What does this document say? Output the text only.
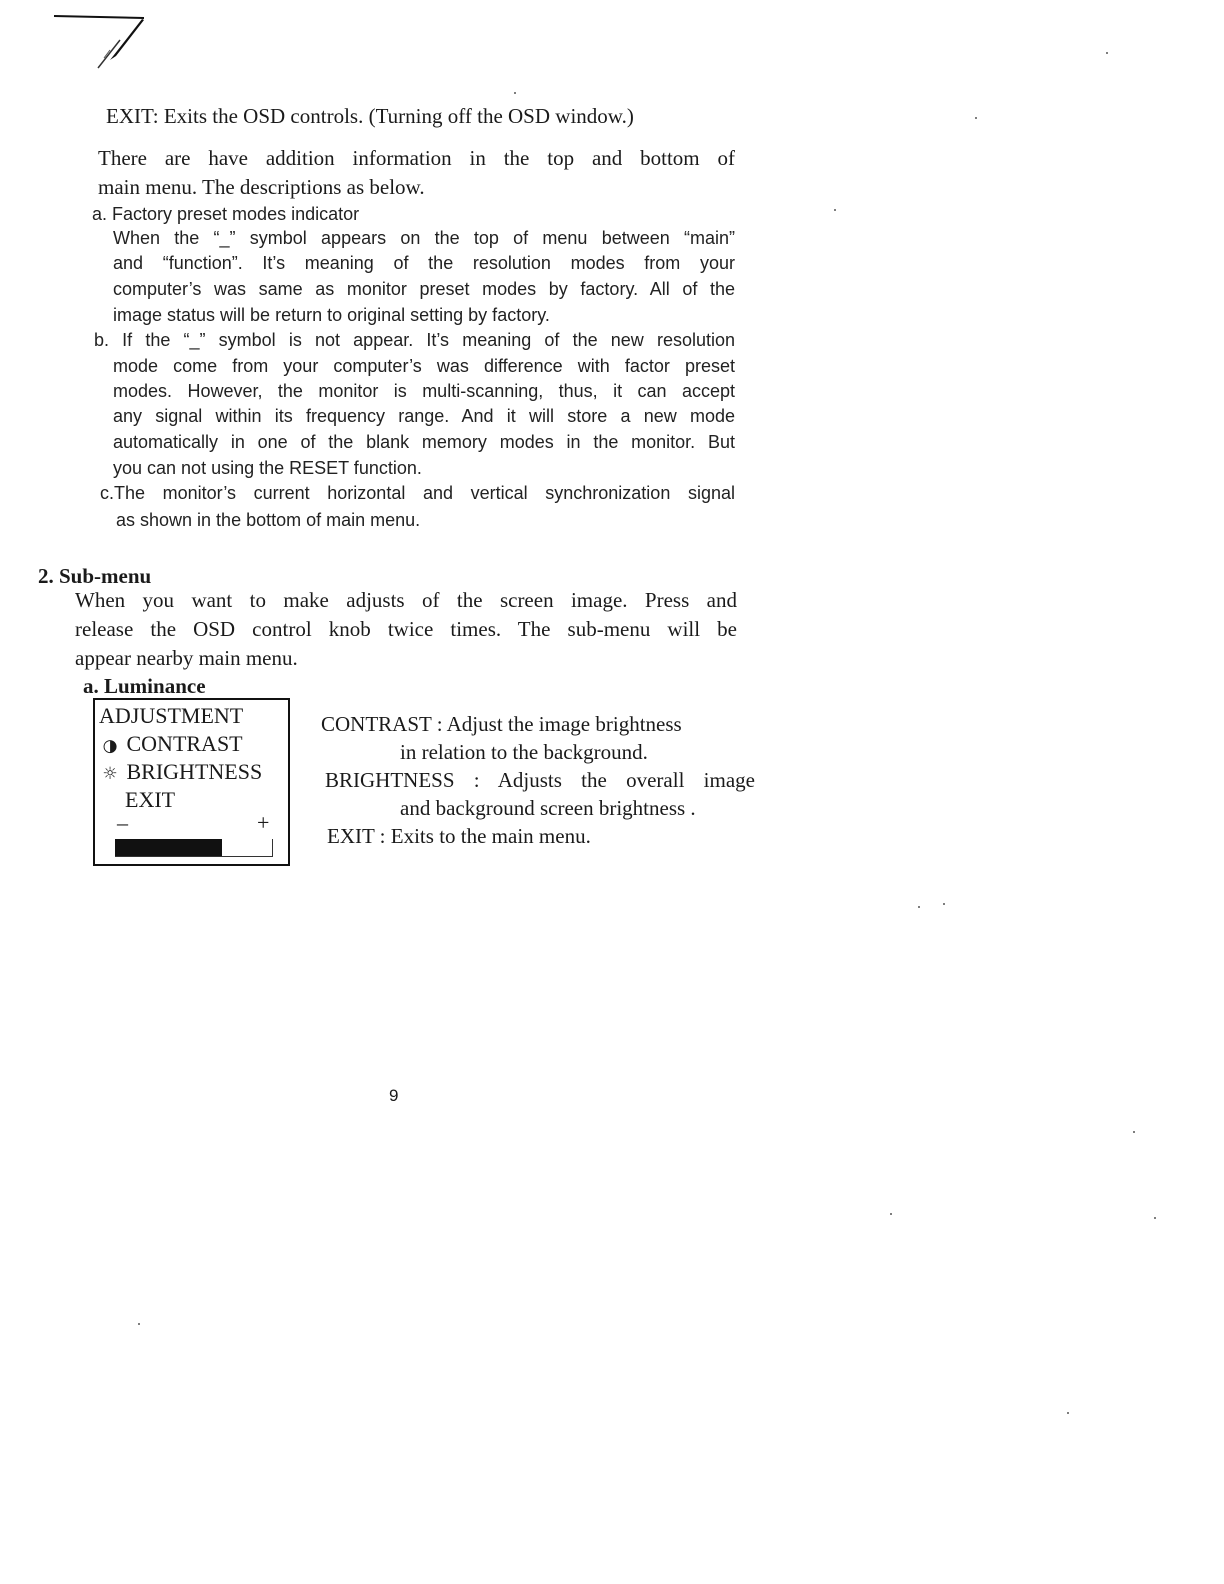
EXIT: Exits the OSD controls. (Turning off the OSD window.)
There are have addition information in the top and bottom of
main menu. The descriptions as below.
a. Factory preset modes indicator
When the “_” symbol appears on the top of menu between “main”
and “function”. It’s meaning of the resolution modes from your
computer’s was same as monitor preset modes by factory. All of the
image status will be return to original setting by factory.
b. If the “_” symbol is not appear. It’s meaning of the new resolution
mode come from your computer’s was difference with factor preset
modes. However, the monitor is multi-scanning, thus, it can accept
any signal within its frequency range. And it will store a new mode
automatically in one of the blank memory modes in the monitor. But
you can not using the RESET function.
c.The monitor’s current horizontal and vertical synchronization signal
as shown in the bottom of main menu.
2. Sub-menu
When you want to make adjusts of the screen image. Press and
release the OSD control knob twice times. The sub-menu will be
appear nearby main menu.
a. Luminance
ADJUSTMENT
◑ CONTRAST
☼ BRIGHTNESS
EXIT
–	+
CONTRAST : Adjust the image brightness
in relation to the background.
BRIGHTNESS : Adjusts the overall image
and background screen brightness .
EXIT : Exits to the main menu.
9
